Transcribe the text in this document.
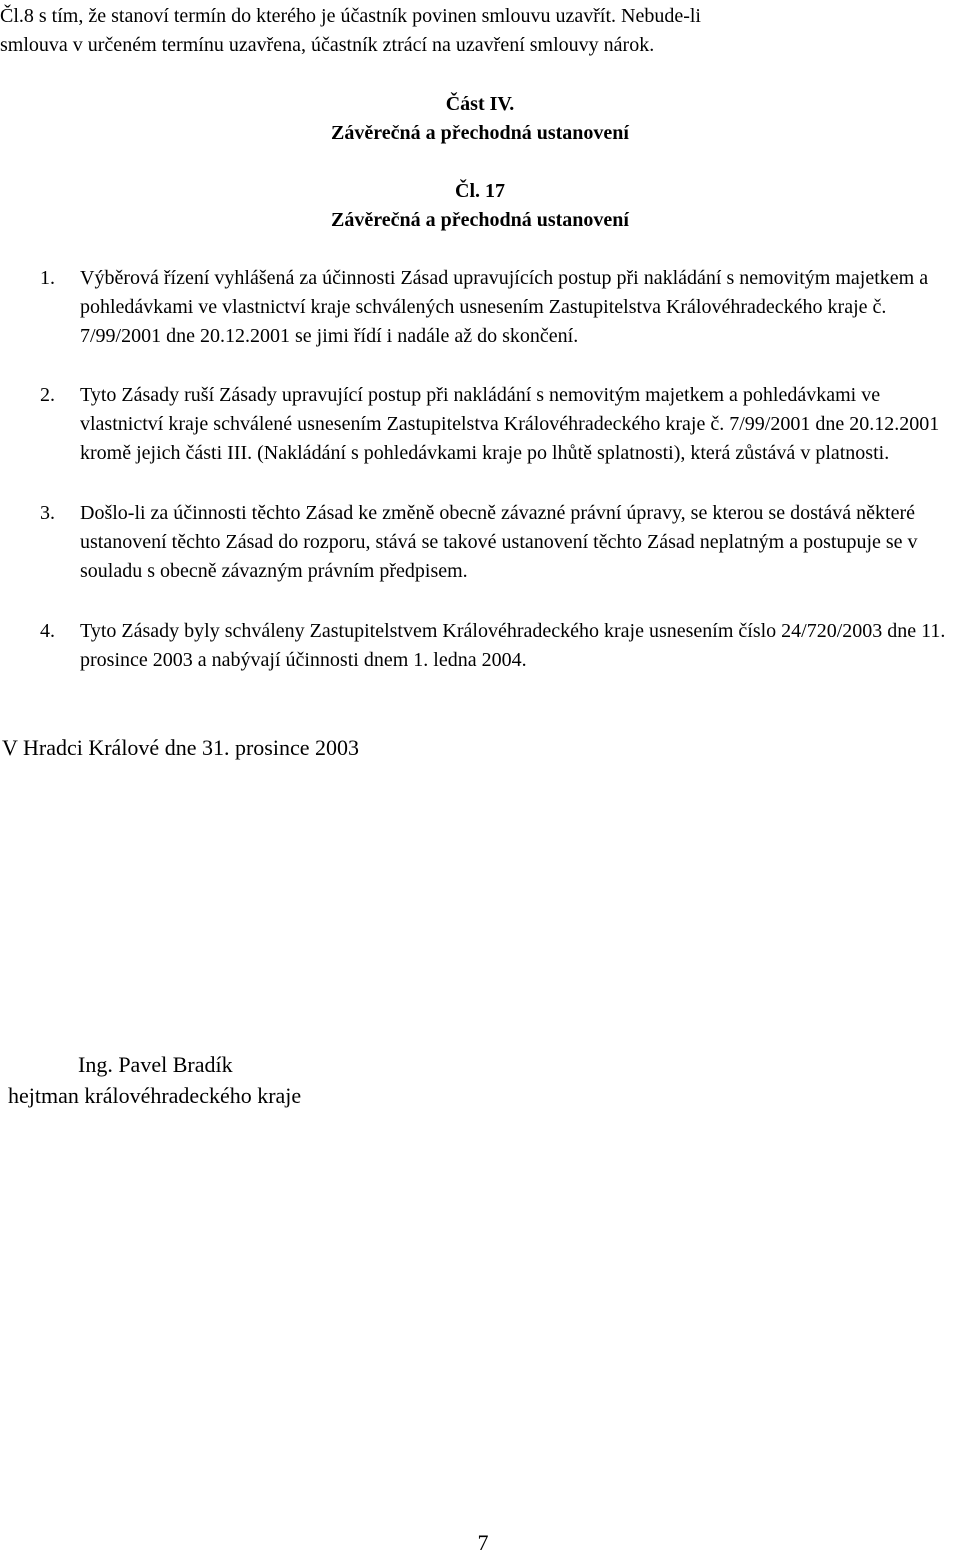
Čl.8 s tím, že stanoví termín do kterého je účastník povinen smlouvu uzavřít. Nebude-li

smlouva v určeném termínu uzavřena, účastník ztrácí na uzavření smlouvy nárok.

Část IV.

Závěrečná a přechodná ustanovení

Čl. 17

Závěrečná a přechodná ustanovení

1. Výběrová řízení vyhlášená za účinnosti Zásad upravujících postup při nakládání s nemovitým majetkem a pohledávkami ve vlastnictví kraje schválených usnesením Zastupitelstva Královéhradeckého kraje č. 7/99/2001 dne 20.12.2001 se jimi řídí i nadále až do skončení.

2. Tyto Zásady ruší Zásady upravující postup při nakládání s nemovitým majetkem a pohledávkami ve vlastnictví kraje schválené usnesením Zastupitelstva Královéhradeckého kraje č. 7/99/2001 dne 20.12.2001 kromě jejich části III. (Nakládání s pohledávkami kraje po lhůtě splatnosti), která zůstává v platnosti.

3. Došlo-li za účinnosti těchto Zásad ke změně obecně závazné právní úpravy, se kterou se dostává některé ustanovení těchto Zásad do rozporu, stává se takové ustanovení těchto Zásad neplatným a postupuje se v souladu s obecně závazným právním předpisem.

4. Tyto Zásady byly schváleny Zastupitelstvem Královéhradeckého kraje usnesením číslo 24/720/2003 dne 11. prosince 2003 a nabývají účinnosti dnem 1. ledna 2004.

V Hradci Králové dne 31. prosince 2003

Ing. Pavel Bradík

hejtman královéhradeckého kraje

7
